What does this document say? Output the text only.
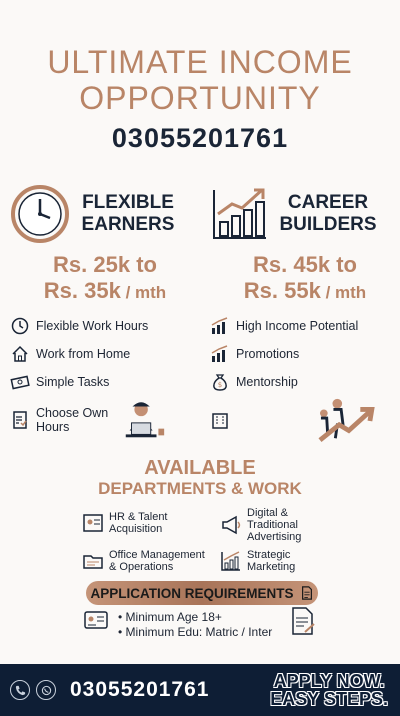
ULTIMATE INCOME
OPPORTUNITY
03055201761
FLEXIBLE
EARNERS
Rs. 25k to
Rs. 35k / mth
Flexible Work Hours
Work from Home
Simple Tasks
Choose Own Hours
CAREER
BUILDERS
Rs. 45k to
Rs. 55k / mth
High Income Potential
Promotions
$ Mentorship
AVAILABLE
DEPARTMENTS & WORK
HR & Talent Acquisition
Digital & Traditional Advertising
Office Management & Operations
Strategic Marketing
APPLICATION REQUIREMENTS
• Minimum Age 18+
• Minimum Edu: Matric / Inter
03055201761	APPLY NOW.
EASY STEPS.
